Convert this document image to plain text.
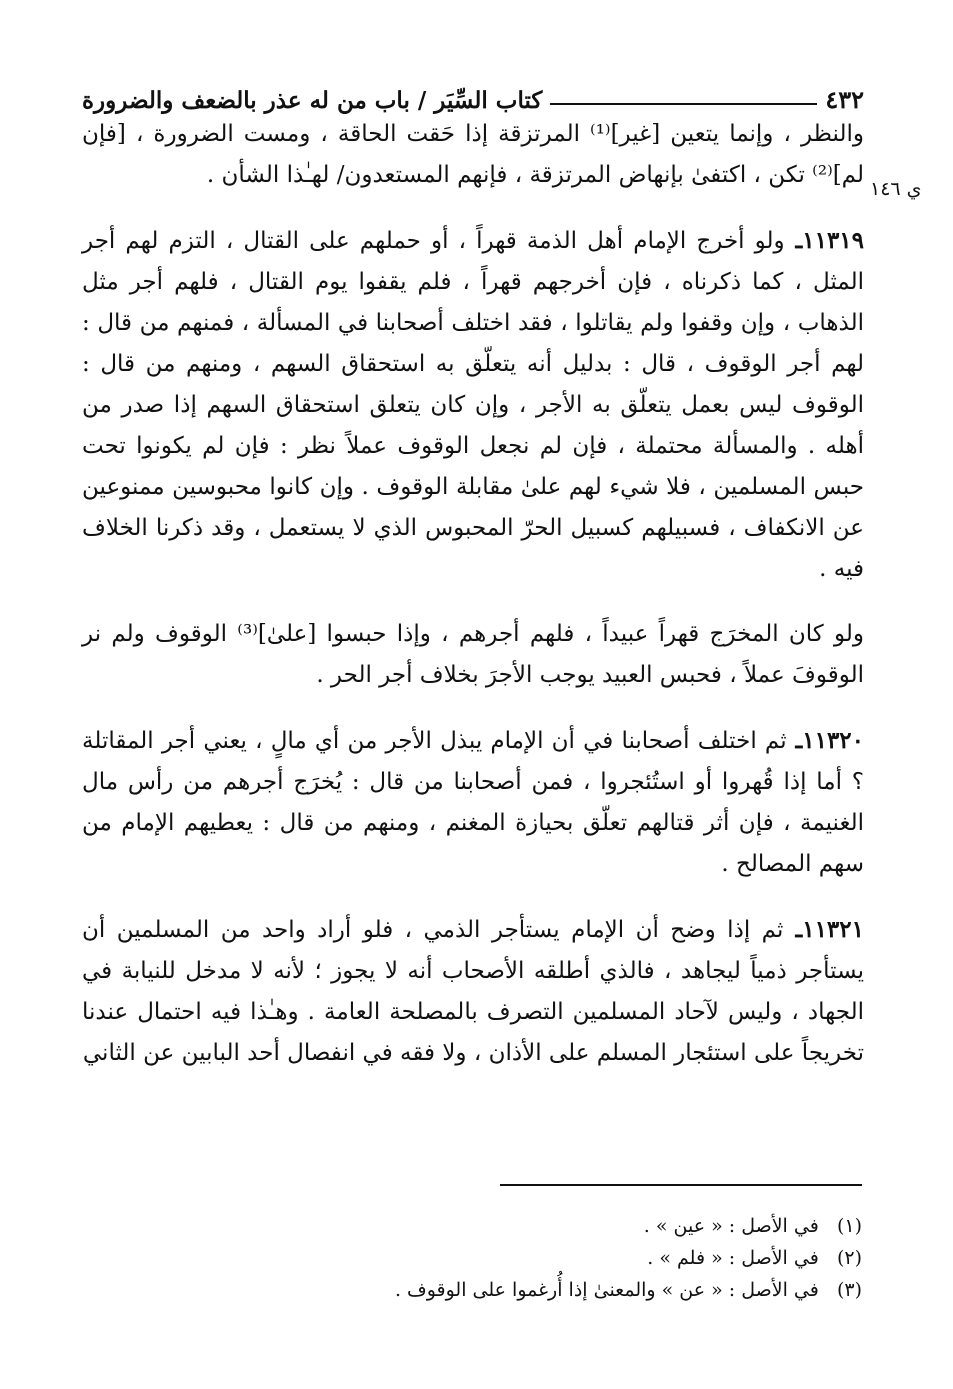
٤٣٢
كتاب السِّيَر / باب من له عذر بالضعف والضرورة

والنظر ، وإنما يتعين [غير]⁽¹⁾ المرتزقة إذا حَقت الحاقة ، ومست الضرورة ، [فإن لم]⁽²⁾ تكن ، اكتفىٰ بإنهاض المرتزقة ، فإنهم المستعدون/ لهـٰذا الشأن .

١١٣١٩ـ ولو أخرج الإمام أهل الذمة قهراً ، أو حملهم على القتال ، التزم لهم أجر المثل ، كما ذكرناه ، فإن أخرجهم قهراً ، فلم يقفوا يوم القتال ، فلهم أجر مثل الذهاب ، وإن وقفوا ولم يقاتلوا ، فقد اختلف أصحابنا في المسألة ، فمنهم من قال : لهم أجر الوقوف ، قال : بدليل أنه يتعلّق به استحقاق السهم ، ومنهم من قال : الوقوف ليس بعمل يتعلّق به الأجر ، وإن كان يتعلق استحقاق السهم إذا صدر من أهله . والمسألة محتملة ، فإن لم نجعل الوقوف عملاً نظر : فإن لم يكونوا تحت حبس المسلمين ، فلا شيء لهم علىٰ مقابلة الوقوف . وإن كانوا محبوسين ممنوعين عن الانكفاف ، فسبيلهم كسبيل الحرّ المحبوس الذي لا يستعمل ، وقد ذكرنا الخلاف فيه .

ولو كان المخرَج قهراً عبيداً ، فلهم أجرهم ، وإذا حبسوا [علىٰ]⁽³⁾ الوقوف ولم نر الوقوفَ عملاً ، فحبس العبيد يوجب الأجرَ بخلاف أجر الحر .

١١٣٢٠ـ ثم اختلف أصحابنا في أن الإمام يبذل الأجر من أي مالٍ ، يعني أجر المقاتلة ؟ أما إذا قُهروا أو استُئجروا ، فمن أصحابنا من قال : يُخرَج أجرهم من رأس مال الغنيمة ، فإن أثر قتالهم تعلّق بحيازة المغنم ، ومنهم من قال : يعطيهم الإمام من سهم المصالح .

١١٣٢١ـ ثم إذا وضح أن الإمام يستأجر الذمي ، فلو أراد واحد من المسلمين أن يستأجر ذمياً ليجاهد ، فالذي أطلقه الأصحاب أنه لا يجوز ؛ لأنه لا مدخل للنيابة في الجهاد ، وليس لآحاد المسلمين التصرف بالمصلحة العامة . وهـٰذا فيه احتمال عندنا تخريجاً على استئجار المسلم على الأذان ، ولا فقه في انفصال أحد البابين عن الثاني

ي ١٤٦
(١)   في الأصل : « عين » .
(٢)   في الأصل : « فلم » .
(٣)   في الأصل : « عن » والمعنىٰ إذا أُرغموا على الوقوف .
